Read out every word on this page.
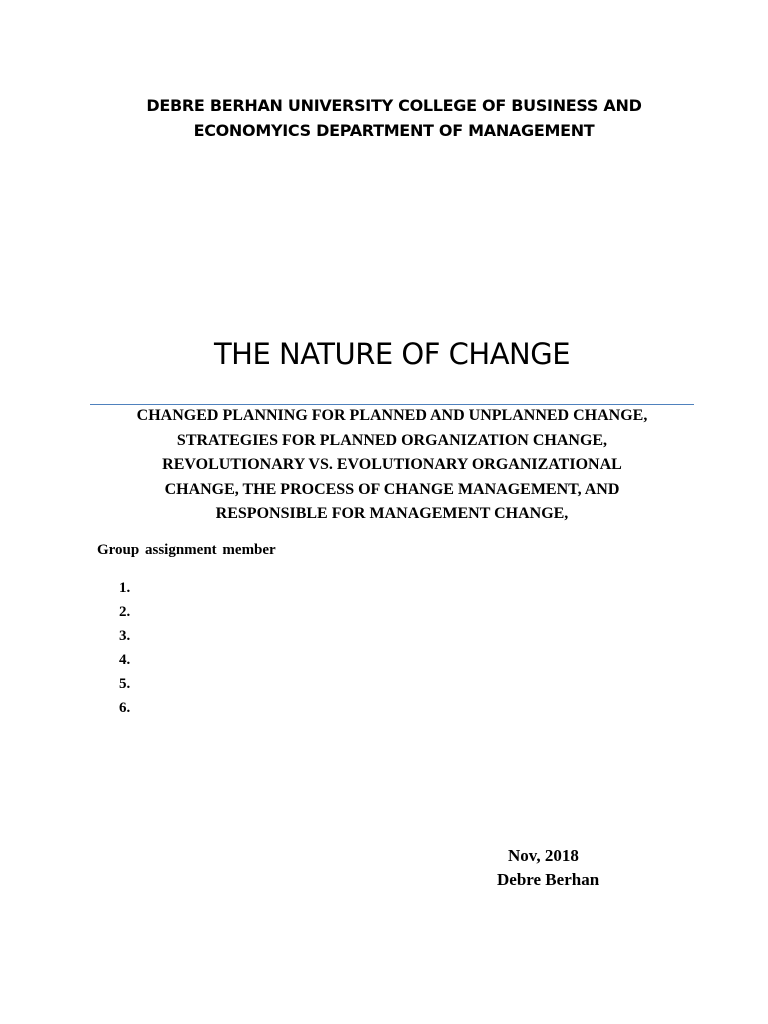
DEBRE BERHAN UNIVERSITY COLLEGE OF BUSINESS AND
ECONOMYICS DEPARTMENT OF MANAGEMENT
THE NATURE OF CHANGE
CHANGED PLANNING FOR PLANNED AND UNPLANNED CHANGE,
STRATEGIES FOR PLANNED ORGANIZATION CHANGE,
REVOLUTIONARY VS. EVOLUTIONARY ORGANIZATIONAL
CHANGE, THE PROCESS OF CHANGE MANAGEMENT, AND
RESPONSIBLE FOR MANAGEMENT CHANGE,
Group assignment member
1.
2.
3.
4.
5.
6.
Nov, 2018
Debre Berhan
